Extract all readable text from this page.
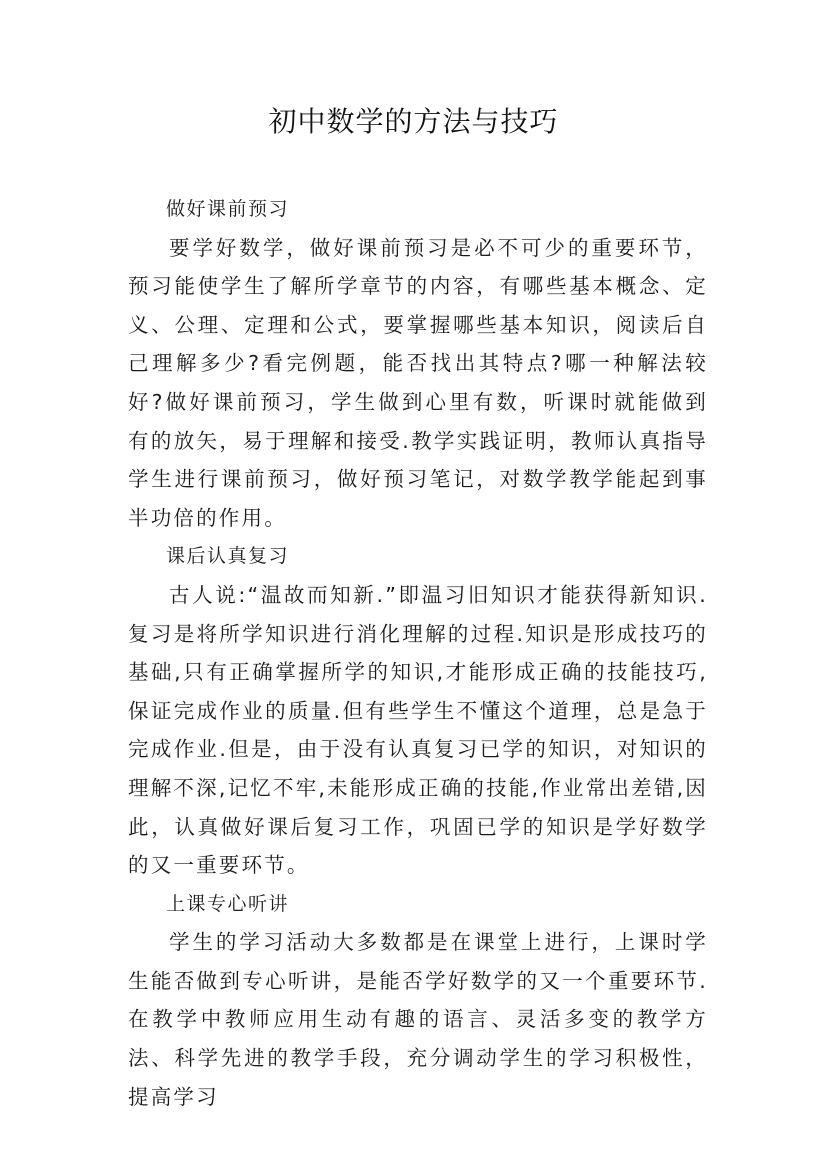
初中数学的方法与技巧

做好课前预习

要学好数学，做好课前预习是必不可少的重要环节，预习能使学生了解所学章节的内容，有哪些基本概念、定义、公理、定理和公式，要掌握哪些基本知识，阅读后自己理解多少?看完例题，能否找出其特点?哪一种解法较好?做好课前预习，学生做到心里有数，听课时就能做到有的放矢，易于理解和接受.教学实践证明，教师认真指导学生进行课前预习，做好预习笔记，对数学教学能起到事半功倍的作用。

课后认真复习

古人说:“温故而知新.”即温习旧知识才能获得新知识.复习是将所学知识进行消化理解的过程.知识是形成技巧的基础,只有正确掌握所学的知识,才能形成正确的技能技巧,保证完成作业的质量.但有些学生不懂这个道理，总是急于完成作业.但是，由于没有认真复习已学的知识，对知识的理解不深,记忆不牢,未能形成正确的技能,作业常出差错,因此，认真做好课后复习工作，巩固已学的知识是学好数学的又一重要环节。

上课专心听讲

学生的学习活动大多数都是在课堂上进行，上课时学生能否做到专心听讲，是能否学好数学的又一个重要环节.在教学中教师应用生动有趣的语言、灵活多变的教学方法、科学先进的教学手段，充分调动学生的学习积极性，提高学习
